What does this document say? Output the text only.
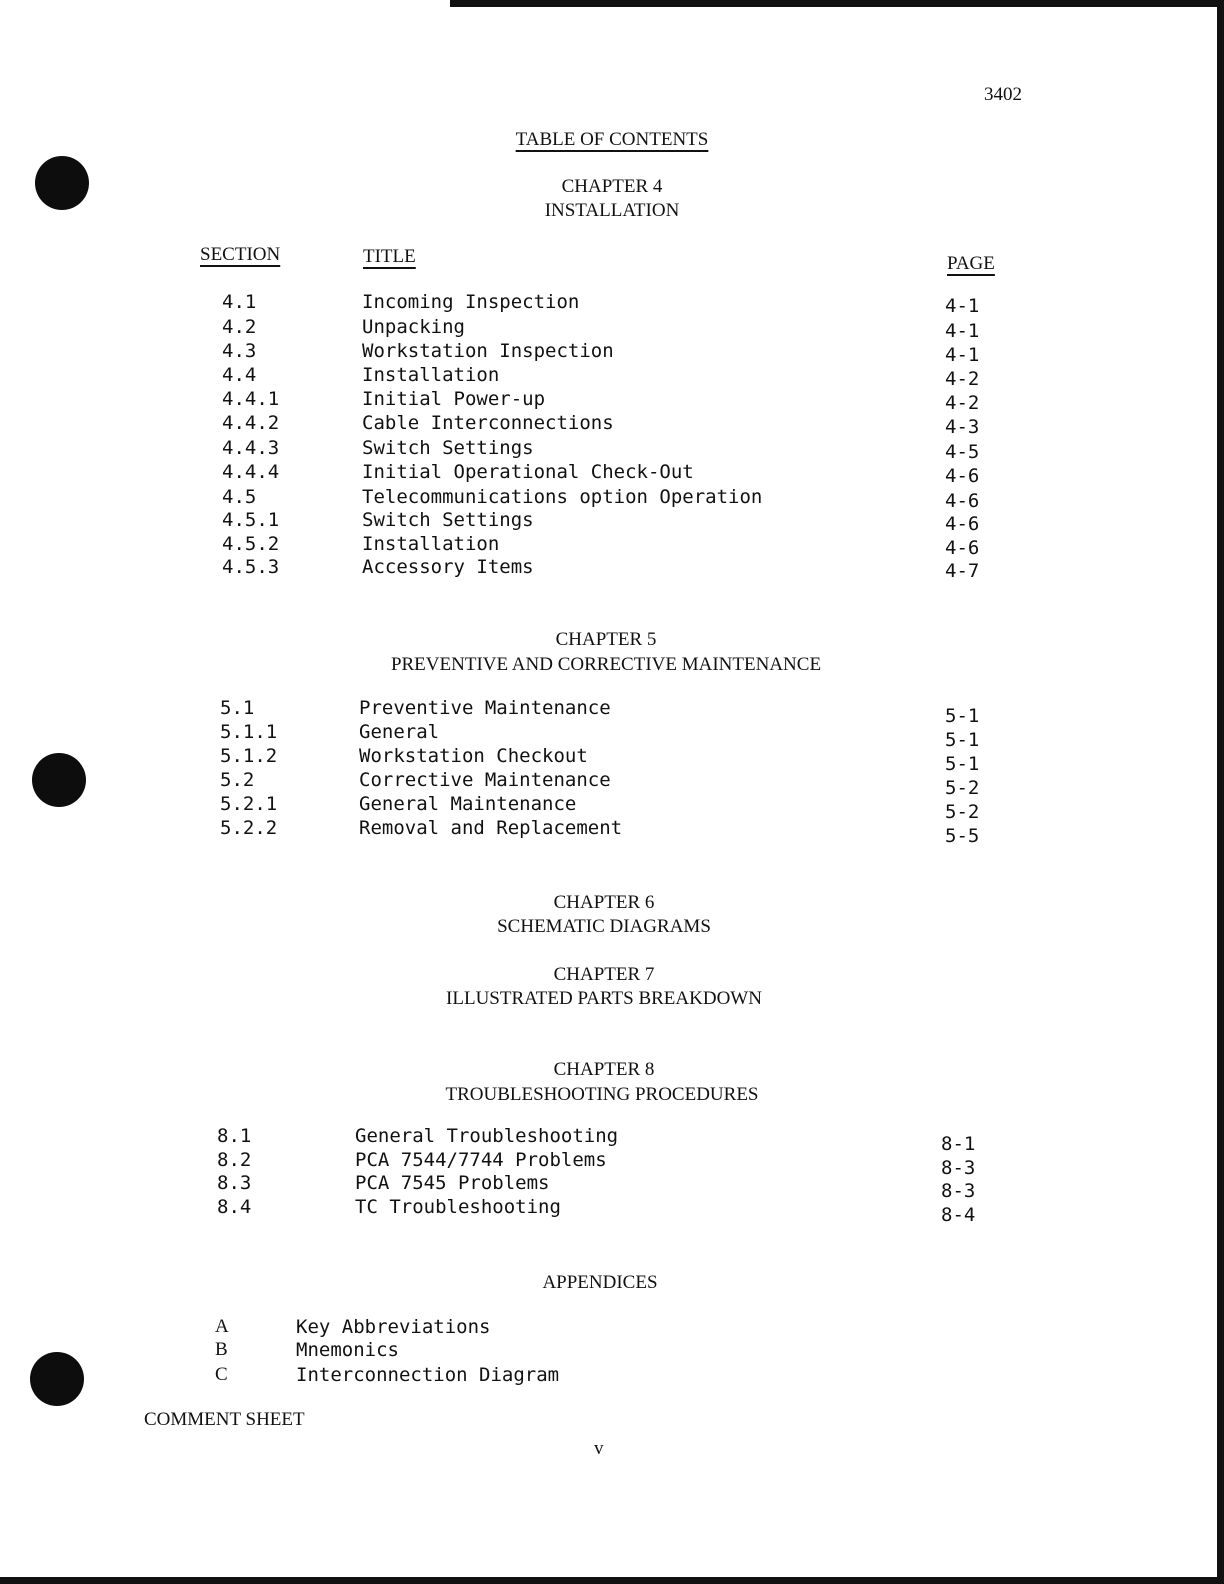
3402
TABLE OF CONTENTS
CHAPTER 4
INSTALLATION
SECTION	TITLE	PAGE
4.1	Incoming Inspection	4-1
4.2	Unpacking	4-1
4.3	Workstation Inspection	4-1
4.4	Installation	4-2
4.4.1	Initial Power-up	4-2
4.4.2	Cable Interconnections	4-3
4.4.3	Switch Settings	4-5
4.4.4	Initial Operational Check-Out	4-6
4.5	Telecommunications option Operation	4-6
4.5.1	Switch Settings	4-6
4.5.2	Installation	4-6
4.5.3	Accessory Items	4-7
CHAPTER 5
PREVENTIVE AND CORRECTIVE MAINTENANCE
5.1	Preventive Maintenance	5-1
5.1.1	General	5-1
5.1.2	Workstation Checkout	5-1
5.2	Corrective Maintenance	5-2
5.2.1	General Maintenance	5-2
5.2.2	Removal and Replacement	5-5
CHAPTER 6
SCHEMATIC DIAGRAMS
CHAPTER 7
ILLUSTRATED PARTS BREAKDOWN
CHAPTER 8
TROUBLESHOOTING PROCEDURES
8.1	General Troubleshooting	8-1
8.2	PCA 7544/7744 Problems	8-3
8.3	PCA 7545 Problems	8-3
8.4	TC Troubleshooting	8-4
APPENDICES
A	Key Abbreviations
B	Mnemonics
C	Interconnection Diagram
COMMENT SHEET
v
